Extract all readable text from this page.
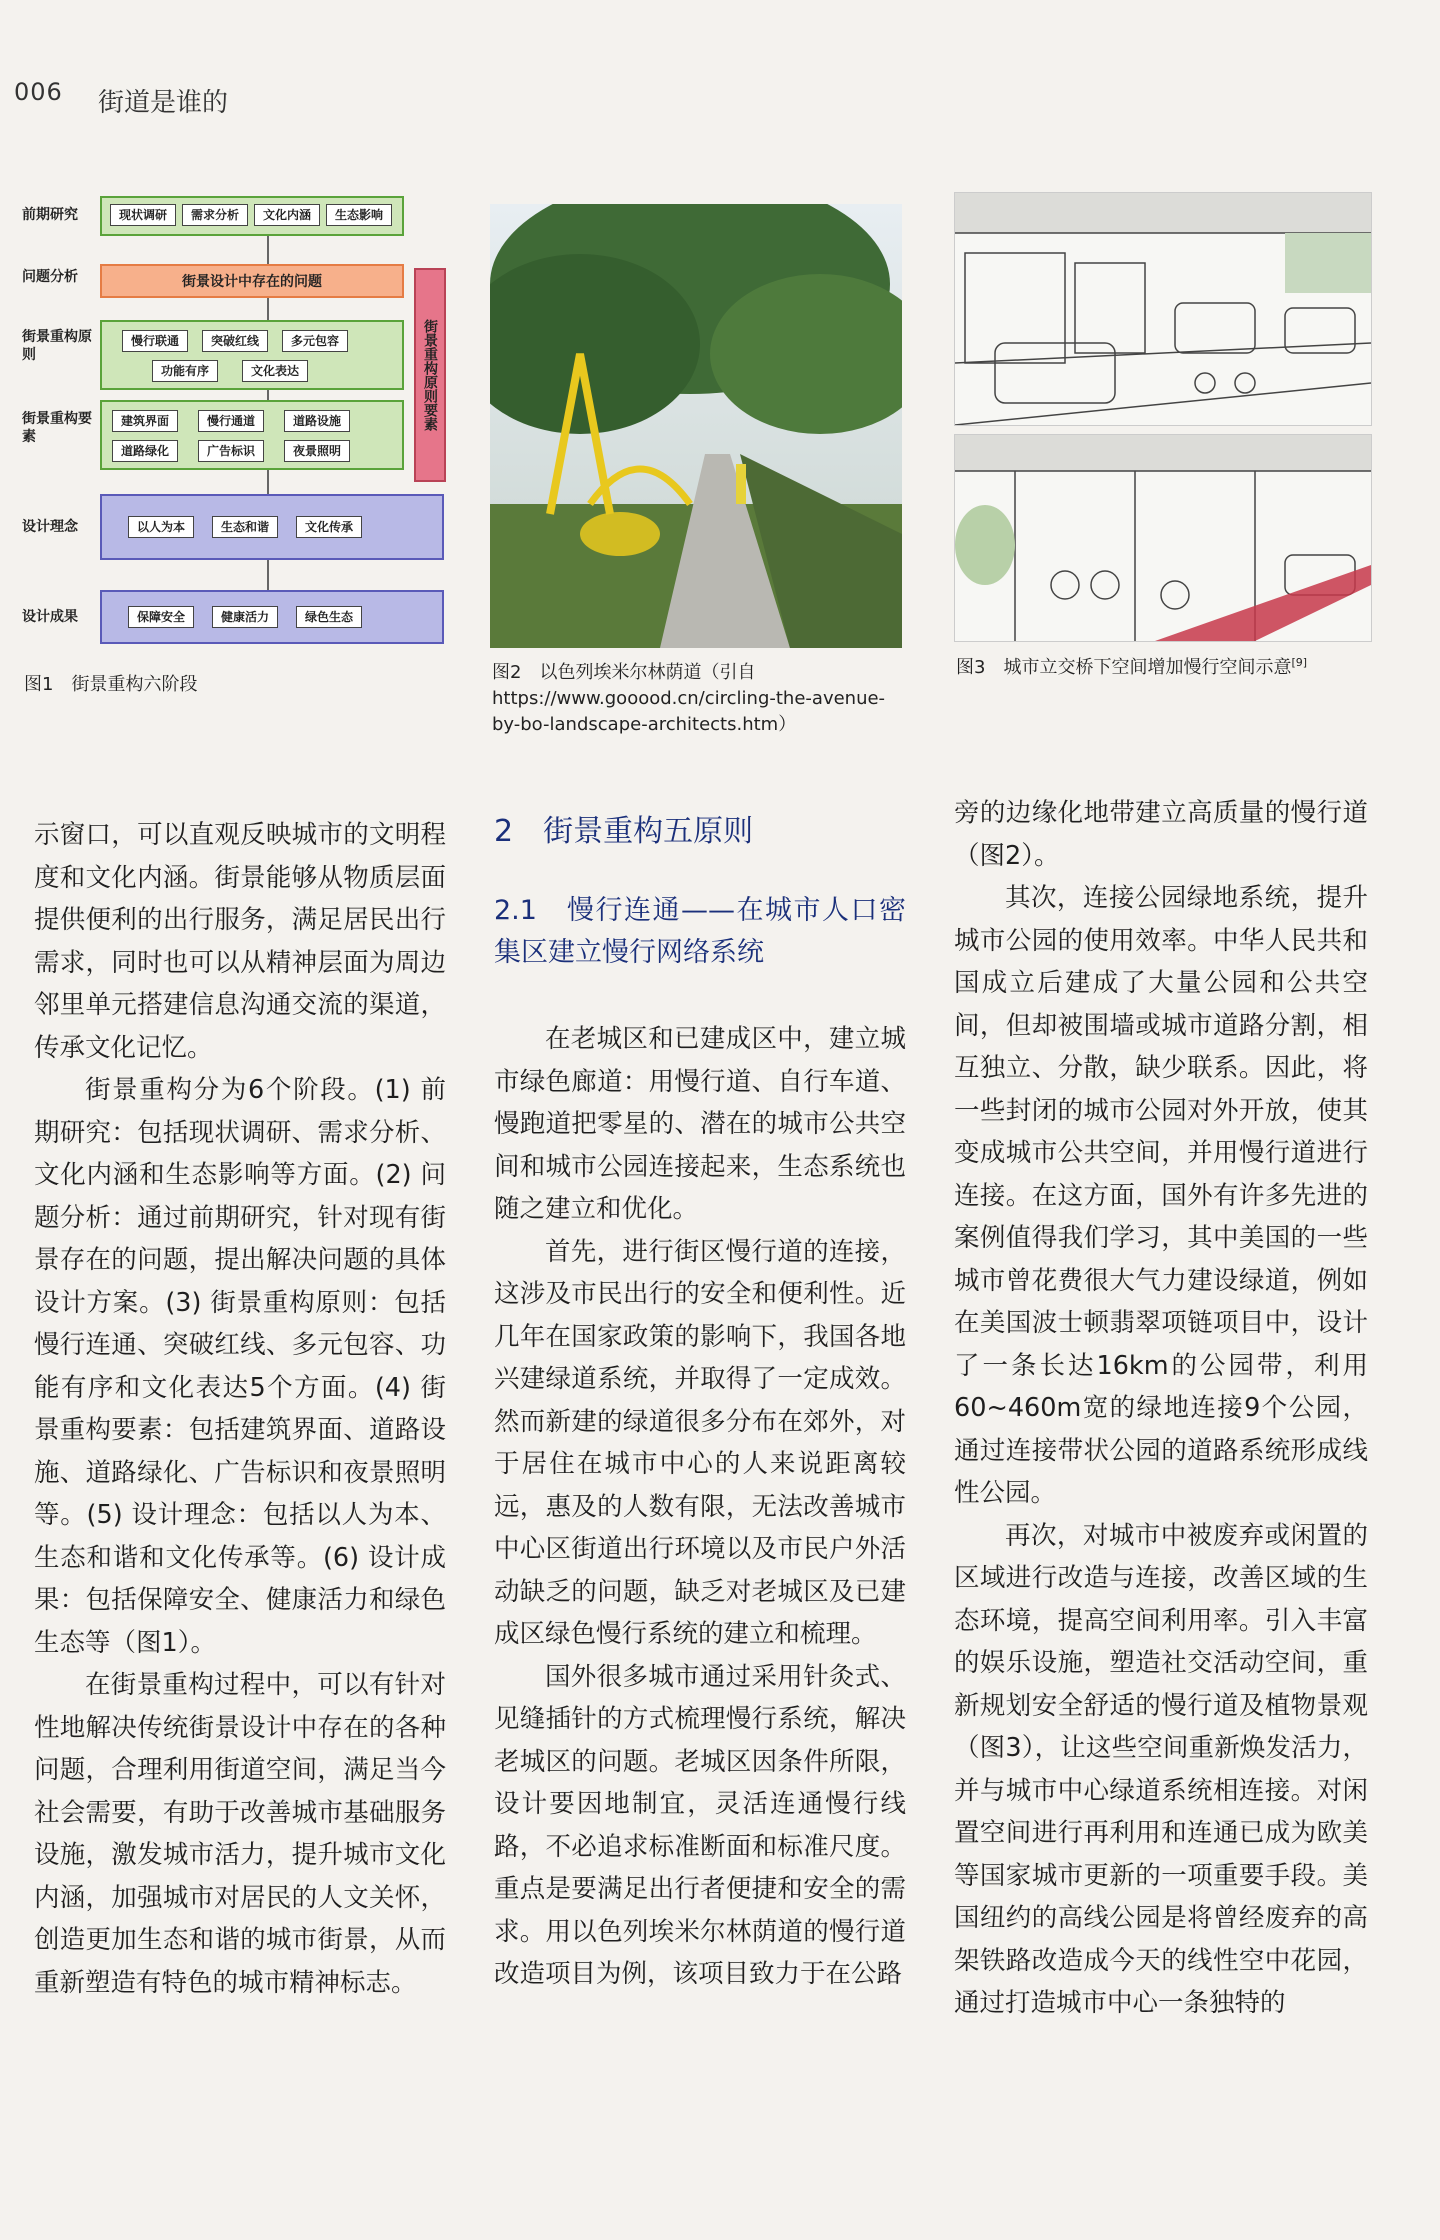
006 街道是谁的
前期研究	现状调研	需求分析	文化内涵	生态影响
问题分析	街景设计中存在的问题
街景重构原则
慢行联通	突破红线	多元包容
功能有序	文化表达
街景重构要素
建筑界面	慢行通道	道路设施
道路绿化	广告标识	夜景照明
街景重构原则要素
设计理念	以人为本	生态和谐	文化传承
设计成果	保障安全	健康活力	绿色生态
图1　街景重构六阶段
图2　以色列埃米尔林荫道（引自https://www.gooood.cn/circling-the-avenue-by-bo-landscape-architects.htm）
图3　城市立交桥下空间增加慢行空间示意[9]

示窗口，可以直观反映城市的文明程度和文化内涵。街景能够从物质层面提供便利的出行服务，满足居民出行需求，同时也可以从精神层面为周边邻里单元搭建信息沟通交流的渠道，传承文化记忆。

街景重构分为6个阶段。(1) 前期研究：包括现状调研、需求分析、文化内涵和生态影响等方面。(2) 问题分析：通过前期研究，针对现有街景存在的问题，提出解决问题的具体设计方案。(3) 街景重构原则：包括慢行连通、突破红线、多元包容、功能有序和文化表达5个方面。(4) 街景重构要素：包括建筑界面、道路设施、道路绿化、广告标识和夜景照明等。(5) 设计理念：包括以人为本、生态和谐和文化传承等。(6) 设计成果：包括保障安全、健康活力和绿色生态等（图1）。

在街景重构过程中，可以有针对性地解决传统街景设计中存在的各种问题，合理利用街道空间，满足当今社会需要，有助于改善城市基础服务设施，激发城市活力，提升城市文化内涵，加强城市对居民的人文关怀，创造更加生态和谐的城市街景，从而重新塑造有特色的城市精神标志。

2　街景重构五原则

2.1　慢行连通——在城市人口密集区建立慢行网络系统

在老城区和已建成区中，建立城市绿色廊道：用慢行道、自行车道、慢跑道把零星的、潜在的城市公共空间和城市公园连接起来，生态系统也随之建立和优化。

首先，进行街区慢行道的连接，这涉及市民出行的安全和便利性。近几年在国家政策的影响下，我国各地兴建绿道系统，并取得了一定成效。然而新建的绿道很多分布在郊外，对于居住在城市中心的人来说距离较远，惠及的人数有限，无法改善城市中心区街道出行环境以及市民户外活动缺乏的问题，缺乏对老城区及已建成区绿色慢行系统的建立和梳理。

国外很多城市通过采用针灸式、见缝插针的方式梳理慢行系统，解决老城区的问题。老城区因条件所限，设计要因地制宜，灵活连通慢行线路，不必追求标准断面和标准尺度。重点是要满足出行者便捷和安全的需求。用以色列埃米尔林荫道的慢行道改造项目为例，该项目致力于在公路

旁的边缘化地带建立高质量的慢行道（图2）。

其次，连接公园绿地系统，提升城市公园的使用效率。中华人民共和国成立后建成了大量公园和公共空间，但却被围墙或城市道路分割，相互独立、分散，缺少联系。因此，将一些封闭的城市公园对外开放，使其变成城市公共空间，并用慢行道进行连接。在这方面，国外有许多先进的案例值得我们学习，其中美国的一些城市曾花费很大气力建设绿道，例如在美国波士顿翡翠项链项目中，设计了一条长达16km的公园带，利用60~460m宽的绿地连接9个公园，通过连接带状公园的道路系统形成线性公园。

再次，对城市中被废弃或闲置的区域进行改造与连接，改善区域的生态环境，提高空间利用率。引入丰富的娱乐设施，塑造社交活动空间，重新规划安全舒适的慢行道及植物景观（图3），让这些空间重新焕发活力，并与城市中心绿道系统相连接。对闲置空间进行再利用和连通已成为欧美等国家城市更新的一项重要手段。美国纽约的高线公园是将曾经废弃的高架铁路改造成今天的线性空中花园，通过打造城市中心一条独特的
